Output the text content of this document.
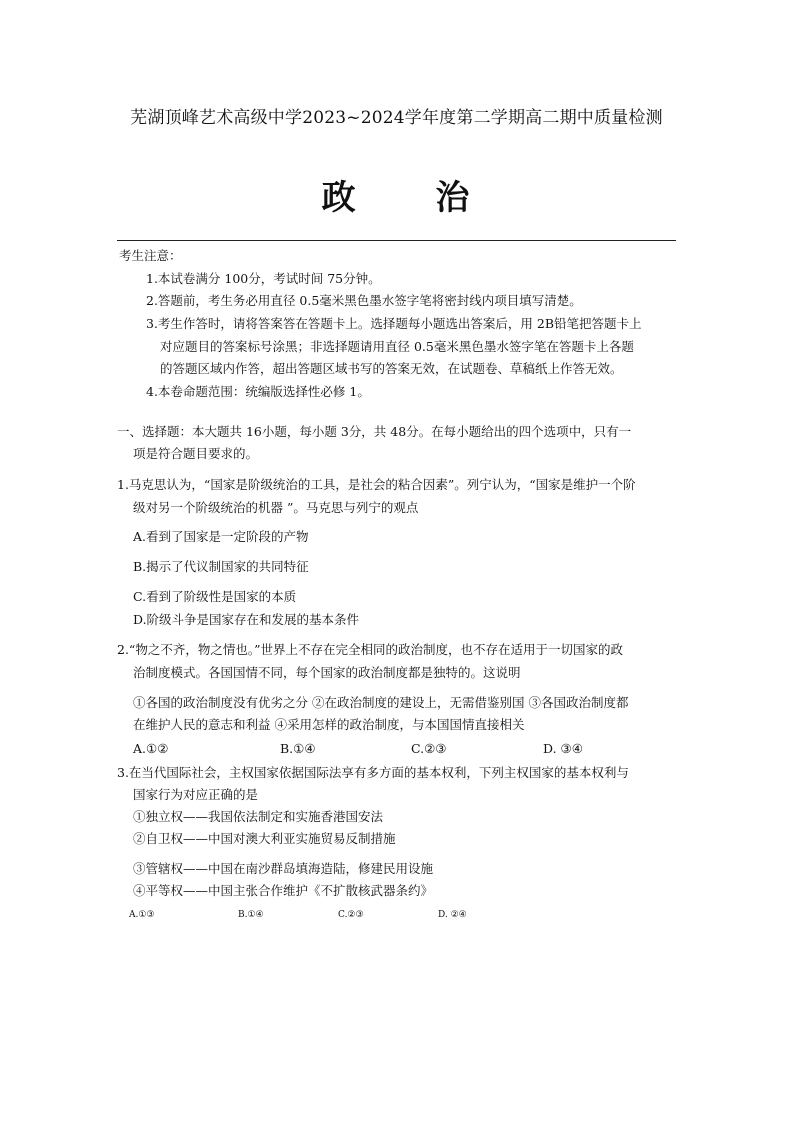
芜湖顶峰艺术高级中学2023~2024学年度第二学期高二期中质量检测
政 治
考生注意：
1.本试卷满分 100分，考试时间 75分钟。
2.答题前，考生务必用直径 0.5毫米黑色墨水签字笔将密封线内项目填写清楚。
3.考生作答时，请将答案答在答题卡上。选择题每小题选出答案后，用 2B铅笔把答题卡上
对应题目的答案标号涂黑；非选择题请用直径 0.5毫米黑色墨水签字笔在答题卡上各题
的答题区域内作答，超出答题区域书写的答案无效，在试题卷、草稿纸上作答无效。
4.本卷命题范围：统编版选择性必修 1。
一、选择题：本大题共 16小题，每小题 3分，共 48分。在每小题给出的四个选项中，只有一
项是符合题目要求的。
1.马克思认为，“国家是阶级统治的工具，是社会的粘合因素”。列宁认为，“国家是维护一个阶
级对另一个阶级统治的机器 ”。马克思与列宁的观点
A.看到了国家是一定阶段的产物
B.揭示了代议制国家的共同特征
C.看到了阶级性是国家的本质
D.阶级斗争是国家存在和发展的基本条件
2.“物之不齐，物之情也。”世界上不存在完全相同的政治制度，也不存在适用于一切国家的政
治制度模式。各国国情不同，每个国家的政治制度都是独特的。这说明
①各国的政治制度没有优劣之分 ②在政治制度的建设上，无需借鉴别国 ③各国政治制度都
在维护人民的意志和利益 ④采用怎样的政治制度，与本国国情直接相关
A.①②	B.①④	C.②③	D. ③④
3.在当代国际社会，主权国家依据国际法享有多方面的基本权利，下列主权国家的基本权利与
国家行为对应正确的是
①独立权——我国依法制定和实施香港国安法
②自卫权——中国对澳大利亚实施贸易反制措施
③管辖权——中国在南沙群岛填海造陆，修建民用设施
④平等权——中国主张合作维护《不扩散核武器条约》
A.①③	B.①④	C.②③	D. ②④
